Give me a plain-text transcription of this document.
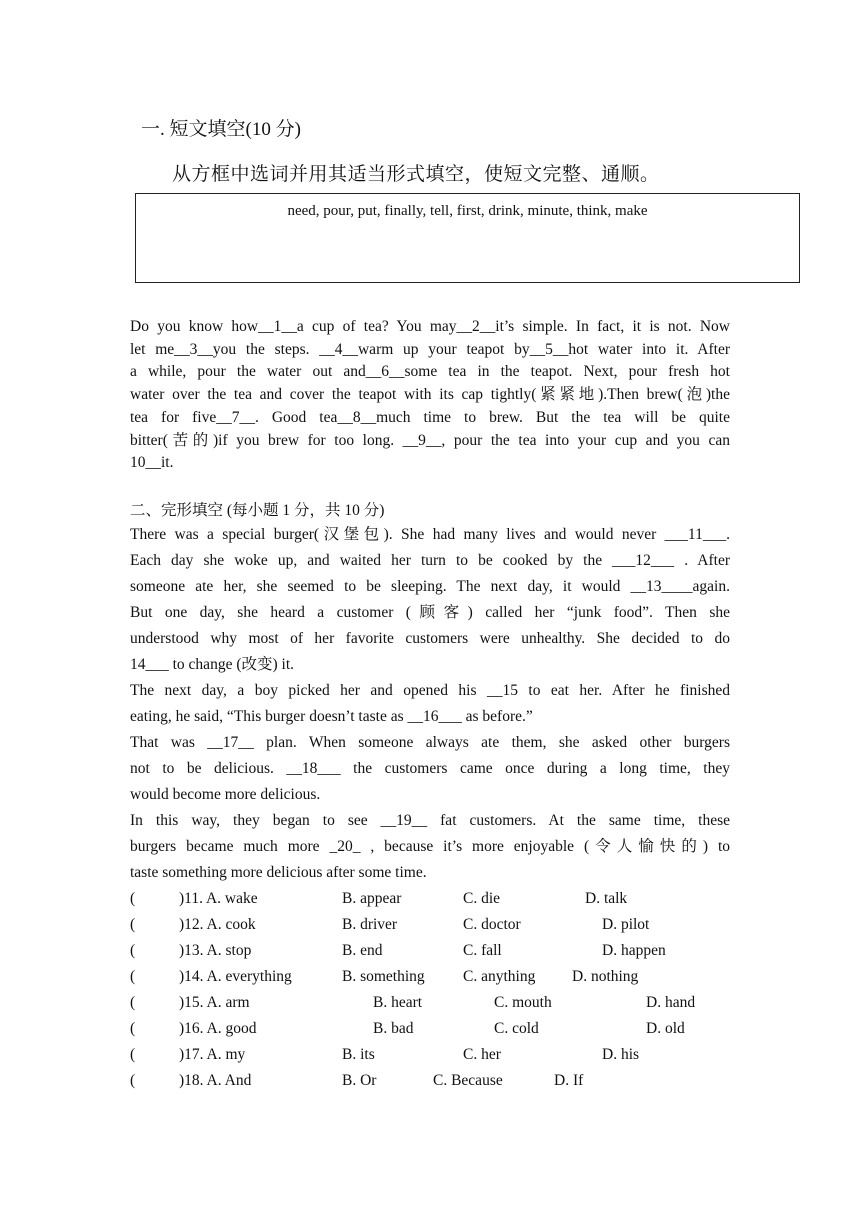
一. 短文填空(10 分)
从方框中选词并用其适当形式填空，使短文完整、通顺。
need, pour, put, finally, tell, first, drink, minute, think, make
Do you know how__1__a cup of tea? You may__2__it’s simple. In fact, it is not. Now
let me__3__you the steps. __4__warm up your teapot by__5__hot water into it. After
a while, pour the water out and__6__some tea in the teapot. Next, pour fresh hot
water over the tea and cover the teapot with its cap tightly(紧紧地).Then brew(泡)the
tea for five__7__. Good tea__8__much time to brew. But the tea will be quite
bitter(苦的)if you brew for too long. __9__, pour the tea into your cup and you can
10__it.
二、完形填空 (每小题 1 分，共 10 分)
There was a special burger(汉堡包). She had many lives and would never ___11___.
Each day she woke up, and waited her turn to be cooked by the ___12___ . After
someone ate her, she seemed to be sleeping. The next day, it would __13____again.
But one day, she heard a customer (顾客) called her “junk food”. Then she
understood why most of her favorite customers were unhealthy. She decided to do
14___ to change (改变) it.
The next day, a boy picked her and opened his __15 to eat her. After he finished
eating, he said, “This burger doesn’t taste as __16___ as before.”
That was __17__ plan. When someone always ate them, she asked other burgers
not to be delicious. __18___ the customers came once during a long time, they
would become more delicious.
In this way, they began to see __19__ fat customers. At the same time, these
burgers became much more _20_ , because it’s more enjoyable (令人愉快的) to
taste something more delicious after some time.
(	)11. A. wake	B. appear	C. die	D. talk
(	)12. A. cook	B. driver	C. doctor	D. pilot
(	)13. A. stop	B. end	C. fall	D. happen
(	)14. A. everything	B. something C. anything D. nothing
(	)15. A. arm	B. heart	C. mouth	D. hand
(	)16. A. good	B. bad	C. cold	D. old
(	)17. A. my	B. its	C. her	D. his
(	)18. A. And	B. Or	C. Because	D. If
